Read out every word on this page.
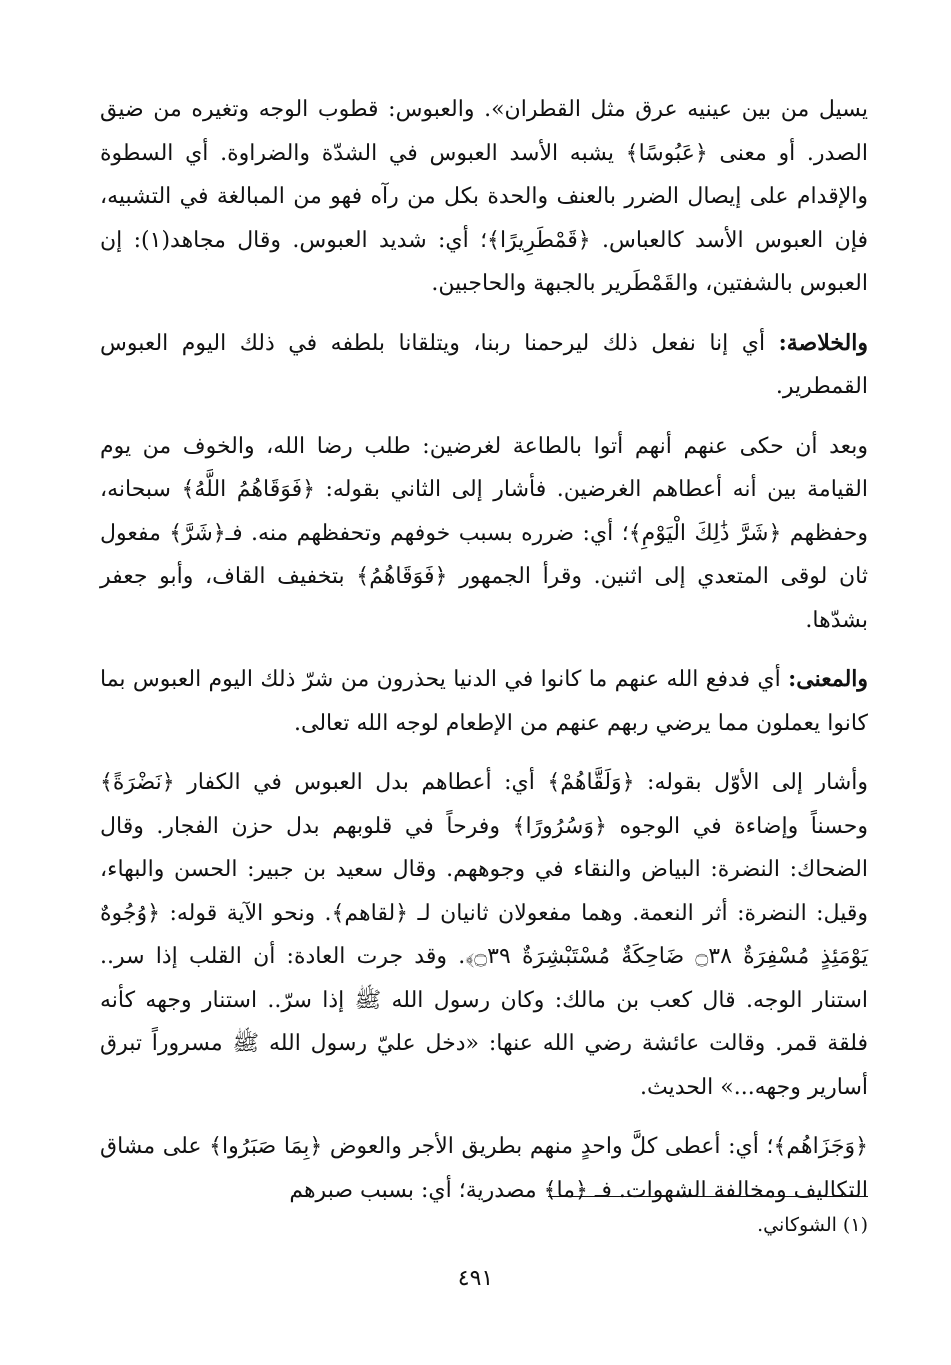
يسيل من بين عينيه عرق مثل القطران». والعبوس: قطوب الوجه وتغيره من ضيق الصدر. أو معنى ﴿عَبُوسًا﴾ يشبه الأسد العبوس في الشدّة والضراوة. أي السطوة والإقدام على إيصال الضرر بالعنف والحدة بكل من رآه فهو من المبالغة في التشبيه، فإن العبوس الأسد كالعباس. ﴿قَمْطَرِيرًا﴾؛ أي: شديد العبوس. وقال مجاهد(١): إن العبوس بالشفتين، والقَمْطَرير بالجبهة والحاجبين.

والخلاصة: أي إنا نفعل ذلك ليرحمنا ربنا، ويتلقانا بلطفه في ذلك اليوم العبوس القمطرير.

وبعد أن حكى عنهم أنهم أتوا بالطاعة لغرضين: طلب رضا الله، والخوف من يوم القيامة بين أنه أعطاهم الغرضين. فأشار إلى الثاني بقوله: ﴿فَوَقَاهُمُ اللَّهُ﴾ سبحانه، وحفظهم ﴿شَرَّ ذَٰلِكَ الْيَوْمِ﴾؛ أي: ضرره بسبب خوفهم وتحفظهم منه. فـ﴿شَرَّ﴾ مفعول ثان لوقى المتعدي إلى اثنين. وقرأ الجمهور ﴿فَوَقَاهُمُ﴾ بتخفيف القاف، وأبو جعفر بشدّها.

والمعنى: أي فدفع الله عنهم ما كانوا في الدنيا يحذرون من شرّ ذلك اليوم العبوس بما كانوا يعملون مما يرضي ربهم عنهم من الإطعام لوجه الله تعالى.

وأشار إلى الأوّل بقوله: ﴿وَلَقَّاهُمْ﴾ أي: أعطاهم بدل العبوس في الكفار ﴿نَضْرَةً﴾ وحسناً وإضاءة في الوجوه ﴿وَسُرُورًا﴾ وفرحاً في قلوبهم بدل حزن الفجار. وقال الضحاك: النضرة: البياض والنقاء في وجوههم. وقال سعيد بن جبير: الحسن والبهاء، وقيل: النضرة: أثر النعمة. وهما مفعولان ثانيان لـ ﴿لقاهم﴾. ونحو الآية قوله: ﴿وُجُوهٌ يَوْمَئِذٍ مُسْفِرَةٌ ۝٣٨ ضَاحِكَةٌ مُسْتَبْشِرَةٌ ۝٣٩﴾. وقد جرت العادة: أن القلب إذا سر.. استنار الوجه. قال كعب بن مالك: وكان رسول الله ﷺ إذا سرّ.. استنار وجهه كأنه فلقة قمر. وقالت عائشة رضي الله عنها: «دخل عليّ رسول الله ﷺ مسروراً تبرق أسارير وجهه...» الحديث.

﴿وَجَزَاهُم﴾؛ أي: أعطى كلَّ واحدٍ منهم بطريق الأجر والعوض ﴿بِمَا صَبَرُوا﴾ على مشاق التكاليف ومخالفة الشهوات. فـ ﴿ما﴾ مصدرية؛ أي: بسبب صبرهم

(١) الشوكاني.
٤٩١
